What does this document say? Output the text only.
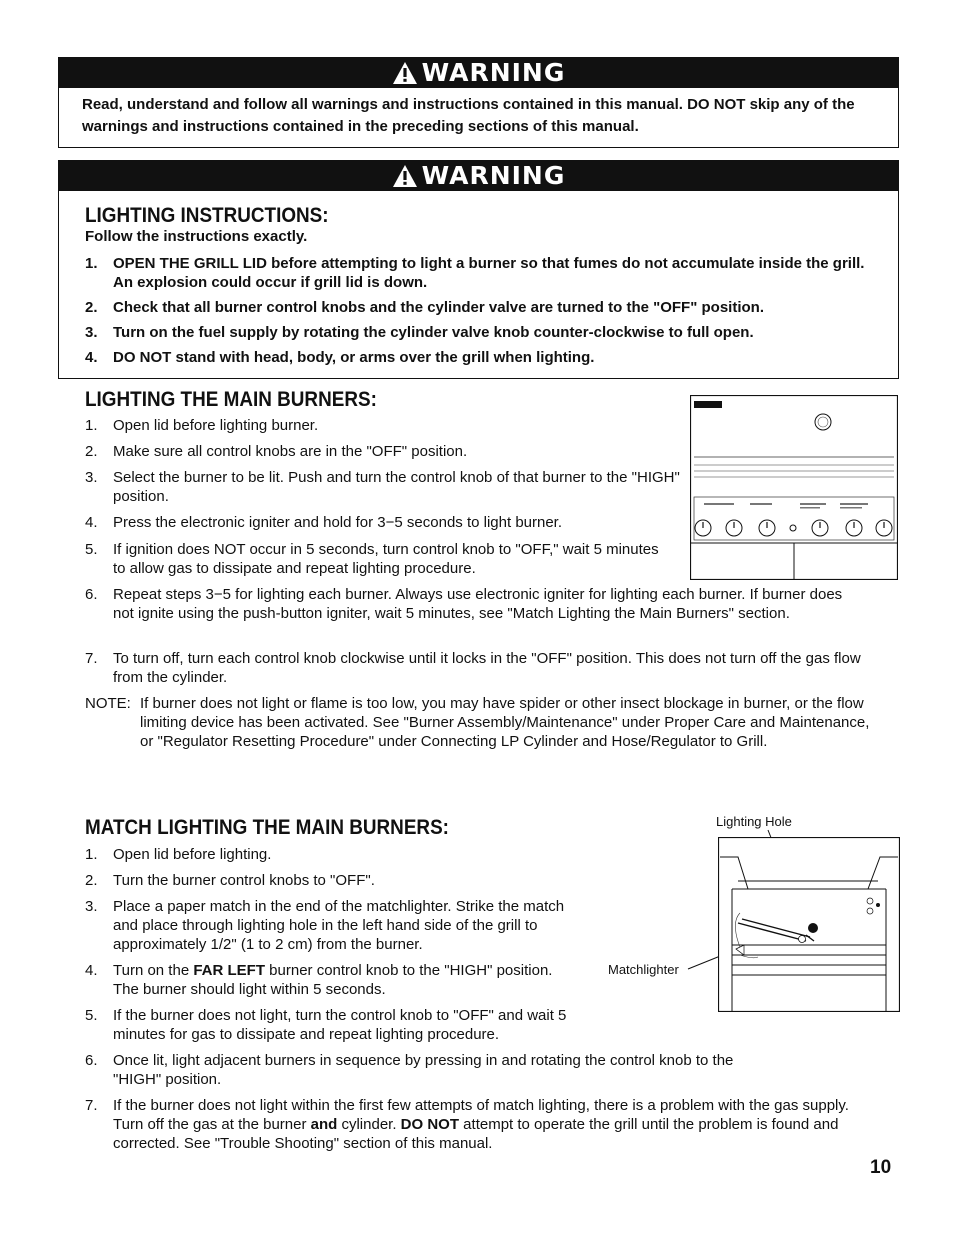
WARNING
Read, understand and follow all warnings and instructions contained in this manual. DO NOT skip any of the warnings and instructions contained in the preceding sections of this manual.
WARNING
LIGHTING INSTRUCTIONS:
Follow the instructions exactly.
1. OPEN THE GRILL LID before attempting to light a burner so that fumes do not accumulate inside the grill. An explosion could occur if grill lid is down.
2. Check that all burner control knobs and the cylinder valve are turned to the "OFF" position.
3. Turn on the fuel supply by rotating the cylinder valve knob counter-clockwise to full open.
4. DO NOT stand with head, body, or arms over the grill when lighting.
LIGHTING THE MAIN BURNERS:
1.	Open lid before lighting burner.
2.	Make sure all control knobs are in the "OFF" position.
3.	Select the burner to be lit. Push and turn the control knob of that burner to the "HIGH" position.
4.	Press the electronic igniter and hold for 3−5 seconds to light burner.
5.	If ignition does NOT occur in 5 seconds, turn control knob to "OFF," wait 5 minutes to allow gas to dissipate and repeat lighting procedure.
6.	Repeat steps 3−5 for lighting each burner. Always use electronic igniter for lighting each burner. If burner does not ignite using the push-button igniter, wait 5 minutes, see "Match Lighting the Main Burners" section.
7.	To turn off, turn each control knob clockwise until it locks in the "OFF" position. This does not turn off the gas flow from the cylinder.
NOTE: If burner does not light or flame is too low, you may have spider or other insect blockage in burner, or the flow limiting device has been activated. See "Burner Assembly/Maintenance" under Proper Care and Maintenance, or "Regulator Resetting Procedure" under Connecting LP Cylinder and Hose/Regulator to Grill.
MATCH LIGHTING THE MAIN BURNERS:
1.	Open lid before lighting.
2.	Turn the burner control knobs to "OFF".
3.	Place a paper match in the end of the matchlighter. Strike the match and place through lighting hole in the left hand side of the grill to approximately 1/2" (1 to 2 cm) from the burner.
4.	Turn on the FAR LEFT burner control knob to the "HIGH" position. The burner should light within 5 seconds.
5.	If the burner does not light, turn the control knob to "OFF" and wait 5 minutes for gas to dissipate and repeat lighting procedure.
6.	Once lit, light adjacent burners in sequence by pressing in and rotating the control knob to the "HIGH" position.
7.	If the burner does not light within the first few attempts of match lighting, there is a problem with the gas supply. Turn off the gas at the burner and cylinder. DO NOT attempt to operate the grill until the problem is found and corrected. See "Trouble Shooting" section of this manual.
Lighting Hole
Matchlighter
10
